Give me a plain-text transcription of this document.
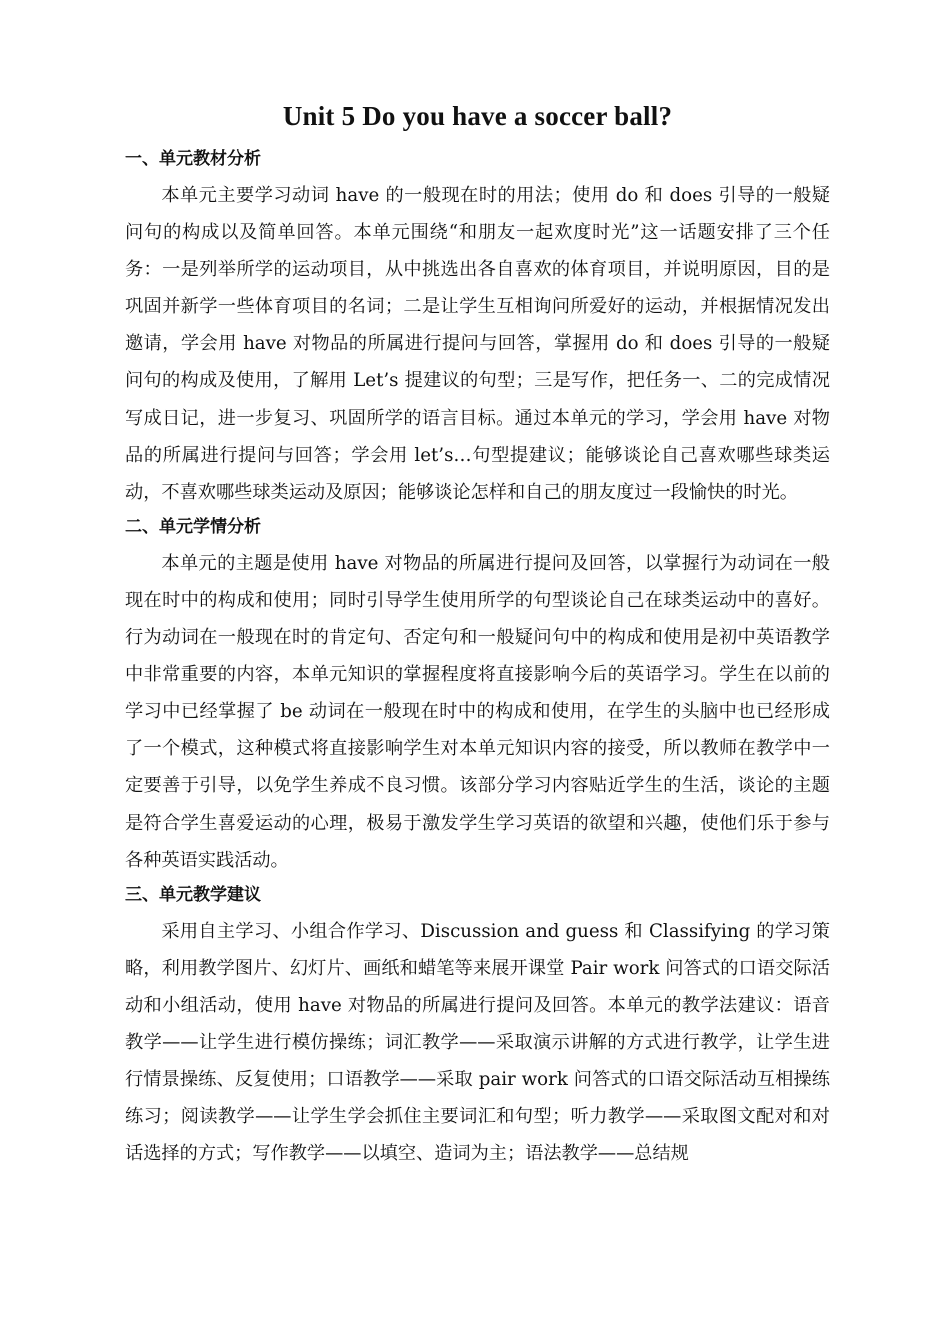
Unit 5 Do you have a soccer ball?
一、单元教材分析

本单元主要学习动词 have 的一般现在时的用法；使用 do 和 does 引导的一般疑问句的构成以及简单回答。本单元围绕“和朋友一起欢度时光”这一话题安排了三个任务：一是列举所学的运动项目，从中挑选出各自喜欢的体育项目，并说明原因，目的是巩固并新学一些体育项目的名词；二是让学生互相询问所爱好的运动，并根据情况发出邀请，学会用 have 对物品的所属进行提问与回答，掌握用 do 和 does 引导的一般疑问句的构成及使用，了解用 Let’s 提建议的句型；三是写作，把任务一、二的完成情况写成日记，进一步复习、巩固所学的语言目标。通过本单元的学习，学会用 have 对物品的所属进行提问与回答；学会用 let’s…句型提建议；能够谈论自己喜欢哪些球类运动，不喜欢哪些球类运动及原因；能够谈论怎样和自己的朋友度过一段愉快的时光。

二、单元学情分析

本单元的主题是使用 have 对物品的所属进行提问及回答，以掌握行为动词在一般现在时中的构成和使用；同时引导学生使用所学的句型谈论自己在球类运动中的喜好。行为动词在一般现在时的肯定句、否定句和一般疑问句中的构成和使用是初中英语教学中非常重要的内容，本单元知识的掌握程度将直接影响今后的英语学习。学生在以前的学习中已经掌握了 be 动词在一般现在时中的构成和使用，在学生的头脑中也已经形成了一个模式，这种模式将直接影响学生对本单元知识内容的接受，所以教师在教学中一定要善于引导，以免学生养成不良习惯。该部分学习内容贴近学生的生活，谈论的主题是符合学生喜爱运动的心理，极易于激发学生学习英语的欲望和兴趣，使他们乐于参与各种英语实践活动。

三、单元教学建议

采用自主学习、小组合作学习、Discussion and guess 和 Classifying 的学习策略，利用教学图片、幻灯片、画纸和蜡笔等来展开课堂 Pair work 问答式的口语交际活动和小组活动，使用 have 对物品的所属进行提问及回答。本单元的教学法建议：语音教学——让学生进行模仿操练；词汇教学——采取演示讲解的方式进行教学，让学生进行情景操练、反复使用；口语教学——采取 pair work 问答式的口语交际活动互相操练练习；阅读教学——让学生学会抓住主要词汇和句型；听力教学——采取图文配对和对话选择的方式；写作教学——以填空、造词为主；语法教学——总结规
